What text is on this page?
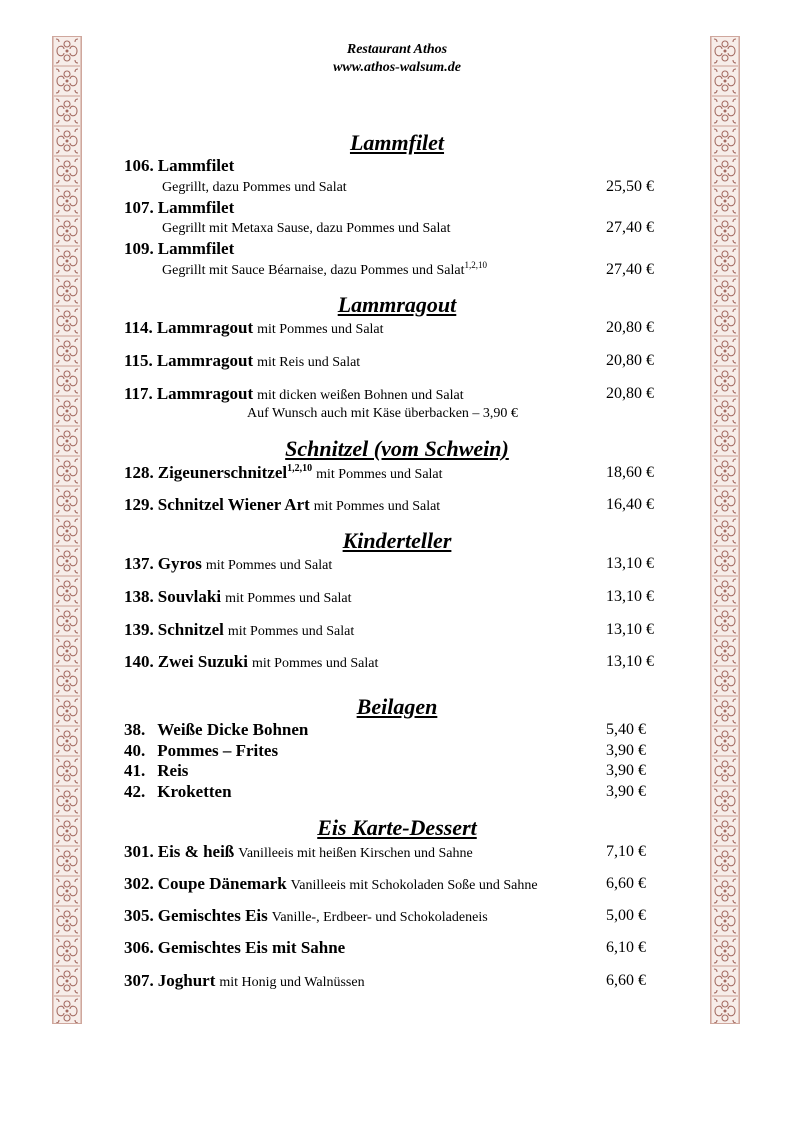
Restaurant Athos
www.athos-walsum.de
Lammfilet
106. Lammfilet
Gegrillt, dazu Pommes und Salat	25,50 €
107. Lammfilet
Gegrillt mit Metaxa Sause, dazu Pommes und Salat	27,40 €
109. Lammfilet
Gegrillt mit Sauce Béarnaise, dazu Pommes und Salat$^{1,2,10}$	27,40 €
Lammragout
114. Lammragout mit Pommes und Salat	20,80 €
115. Lammragout mit Reis und Salat	20,80 €
117. Lammragout mit dicken weißen Bohnen und Salat	20,80 €
Auf Wunsch auch mit Käse überbacken – 3,90 €
Schnitzel (vom Schwein)
128. Zigeunerschnitzel$^{1,2,10}$ mit Pommes und Salat	18,60 €
129. Schnitzel Wiener Art mit Pommes und Salat	16,40 €
Kinderteller
137. Gyros mit Pommes und Salat	13,10 €
138. Souvlaki mit Pommes und Salat	13,10 €
139. Schnitzel mit Pommes und Salat	13,10 €
140. Zwei Suzuki mit Pommes und Salat	13,10 €
Beilagen
38. Weiße Dicke Bohnen	5,40 €
40. Pommes – Frites	3,90 €
41. Reis	3,90 €
42. Kroketten	3,90 €
Eis Karte-Dessert
301. Eis & heiß Vanilleeis mit heißen Kirschen und Sahne	7,10 €
302. Coupe Dänemark Vanilleeis mit Schokoladen Soße und Sahne	6,60 €
305. Gemischtes Eis Vanille-, Erdbeer- und Schokoladeneis	5,00 €
306. Gemischtes Eis mit Sahne	6,10 €
307. Joghurt mit Honig und Walnüssen	6,60 €
